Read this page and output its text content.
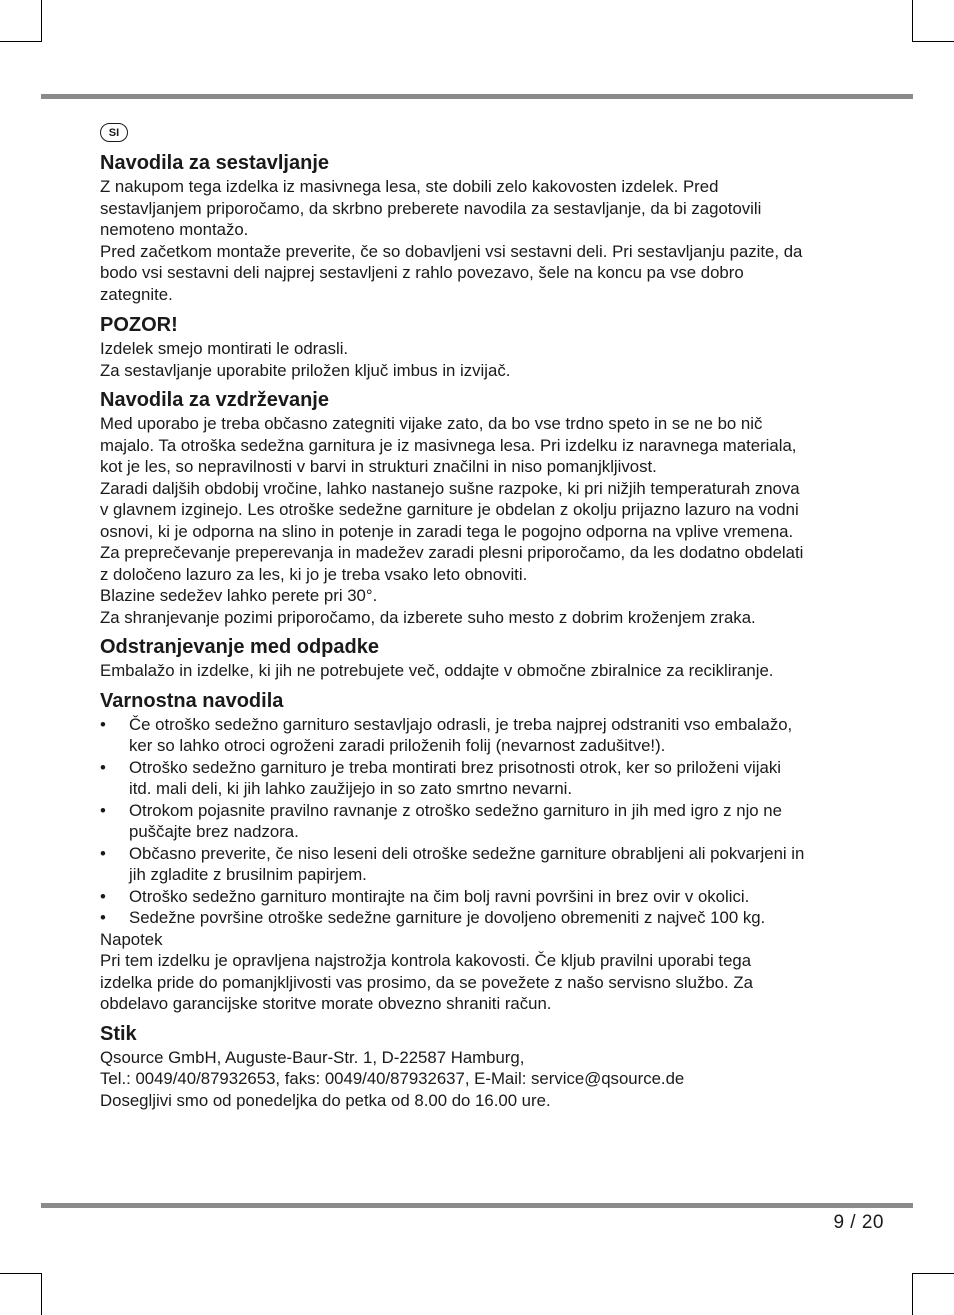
SI
Navodila za sestavljanje

Z nakupom tega izdelka iz masivnega lesa, ste dobili zelo kakovosten izdelek. Pred

sestavljanjem priporočamo, da skrbno preberete navodila za sestavljanje, da bi zagotovili

nemoteno montažo.

Pred začetkom montaže preverite, če so dobavljeni vsi sestavni deli. Pri sestavljanju pazite, da

bodo vsi sestavni deli najprej sestavljeni z rahlo povezavo, šele na koncu pa vse dobro

zategnite.

POZOR!

Izdelek smejo montirati le odrasli.

Za sestavljanje uporabite priložen ključ imbus in izvijač.

Navodila za vzdrževanje

Med uporabo je treba občasno zategniti vijake zato, da bo vse trdno speto in se ne bo nič

majalo. Ta otroška sedežna garnitura je iz masivnega lesa. Pri izdelku iz naravnega materiala,

kot je les, so nepravilnosti v barvi in strukturi značilni in niso pomanjkljivost.

Zaradi daljših obdobij vročine, lahko nastanejo sušne razpoke, ki pri nižjih temperaturah znova

v glavnem izginejo. Les otroške sedežne garniture je obdelan z okolju prijazno lazuro na vodni

osnovi, ki je odporna na slino in potenje in zaradi tega le pogojno odporna na vplive vremena.

Za preprečevanje preperevanja in madežev zaradi plesni priporočamo, da les dodatno obdelati

z določeno lazuro za les, ki jo je treba vsako leto obnoviti.

Blazine sedežev lahko perete pri 30°.

Za shranjevanje pozimi priporočamo, da izberete suho mesto z dobrim kroženjem zraka.

Odstranjevanje med odpadke

Embalažo in izdelke, ki jih ne potrebujete več, oddajte v območne zbiralnice za recikliranje.

Varnostna navodila
• Če otroško sedežno garnituro sestavljajo odrasli, je treba najprej odstraniti vso embalažo,
ker so lahko otroci ogroženi zaradi priloženih folij (nevarnost zadušitve!).
• Otroško sedežno garnituro je treba montirati brez prisotnosti otrok, ker so priloženi vijaki
itd. mali deli, ki jih lahko zaužijejo in so zato smrtno nevarni.
• Otrokom pojasnite pravilno ravnanje z otroško sedežno garnituro in jih med igro z njo ne
puščajte brez nadzora.
• Občasno preverite, če niso leseni deli otroške sedežne garniture obrabljeni ali pokvarjeni in
jih zgladite z brusilnim papirjem.
• Otroško sedežno garnituro montirajte na čim bolj ravni površini in brez ovir v okolici.
• Sedežne površine otroške sedežne garniture je dovoljeno obremeniti z največ 100 kg.

Napotek

Pri tem izdelku je opravljena najstrožja kontrola kakovosti. Če kljub pravilni uporabi tega

izdelka pride do pomanjkljivosti vas prosimo, da se povežete z našo servisno službo. Za

obdelavo garancijske storitve morate obvezno shraniti račun.

Stik

Qsource GmbH, Auguste-Baur-Str. 1, D-22587 Hamburg,

Tel.: 0049/40/87932653, faks: 0049/40/87932637, E-Mail: service@qsource.de

Dosegljivi smo od ponedeljka do petka od 8.00 do 16.00 ure.

9 / 20
